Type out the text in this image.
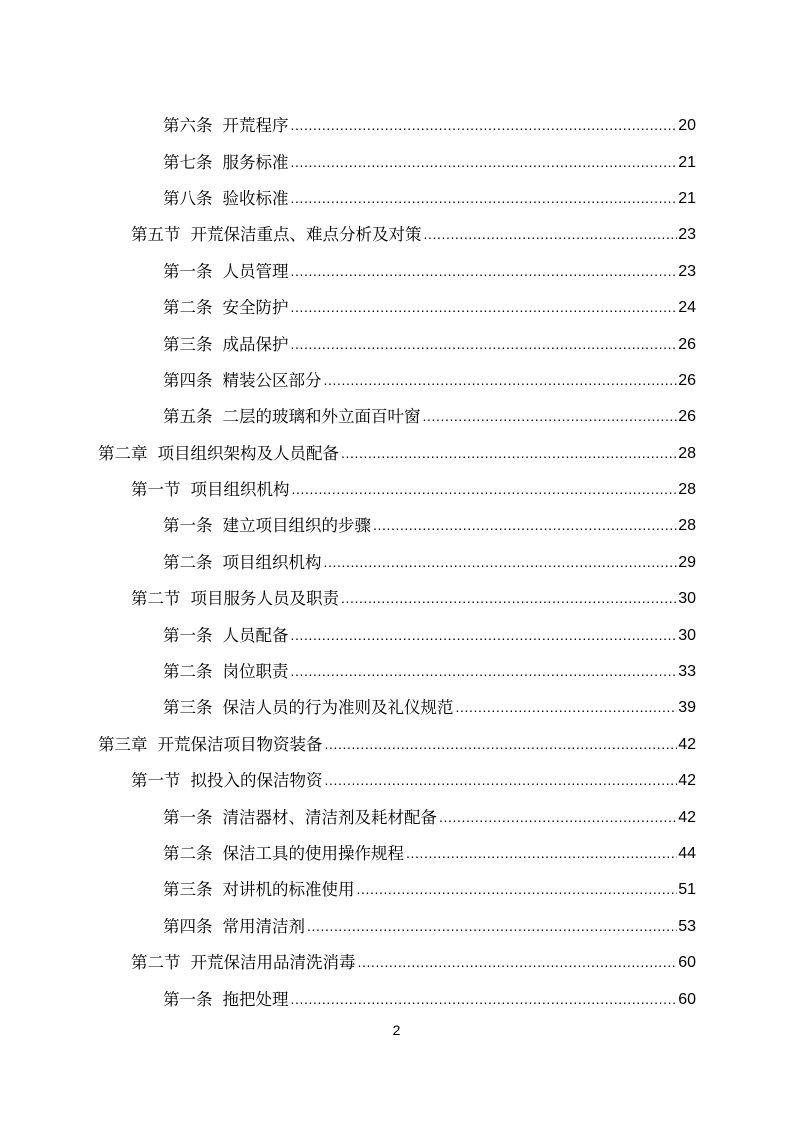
第六条 开荒程序 .....	20
第七条 服务标准 .....	21
第八条 验收标准 .....	21
第五节 开荒保洁重点、难点分析及对策 .....	23
第一条 人员管理 .....	23
第二条 安全防护 .....	24
第三条 成品保护 .....	26
第四条 精装公区部分 .....	26
第五条 二层的玻璃和外立面百叶窗 .....	26
第二章 项目组织架构及人员配备 .....	28
第一节 项目组织机构 .....	28
第一条 建立项目组织的步骤 .....	28
第二条 项目组织机构 .....	29
第二节 项目服务人员及职责 .....	30
第一条 人员配备 .....	30
第二条 岗位职责 .....	33
第三条 保洁人员的行为准则及礼仪规范 .....	39
第三章 开荒保洁项目物资装备 .....	42
第一节 拟投入的保洁物资 .....	42
第一条 清洁器材、清洁剂及耗材配备 .....	42
第二条 保洁工具的使用操作规程 .....	44
第三条 对讲机的标准使用 .....	51
第四条 常用清洁剂 .....	53
第二节 开荒保洁用品清洗消毒 .....	60
第一条 拖把处理 .....	60
2
